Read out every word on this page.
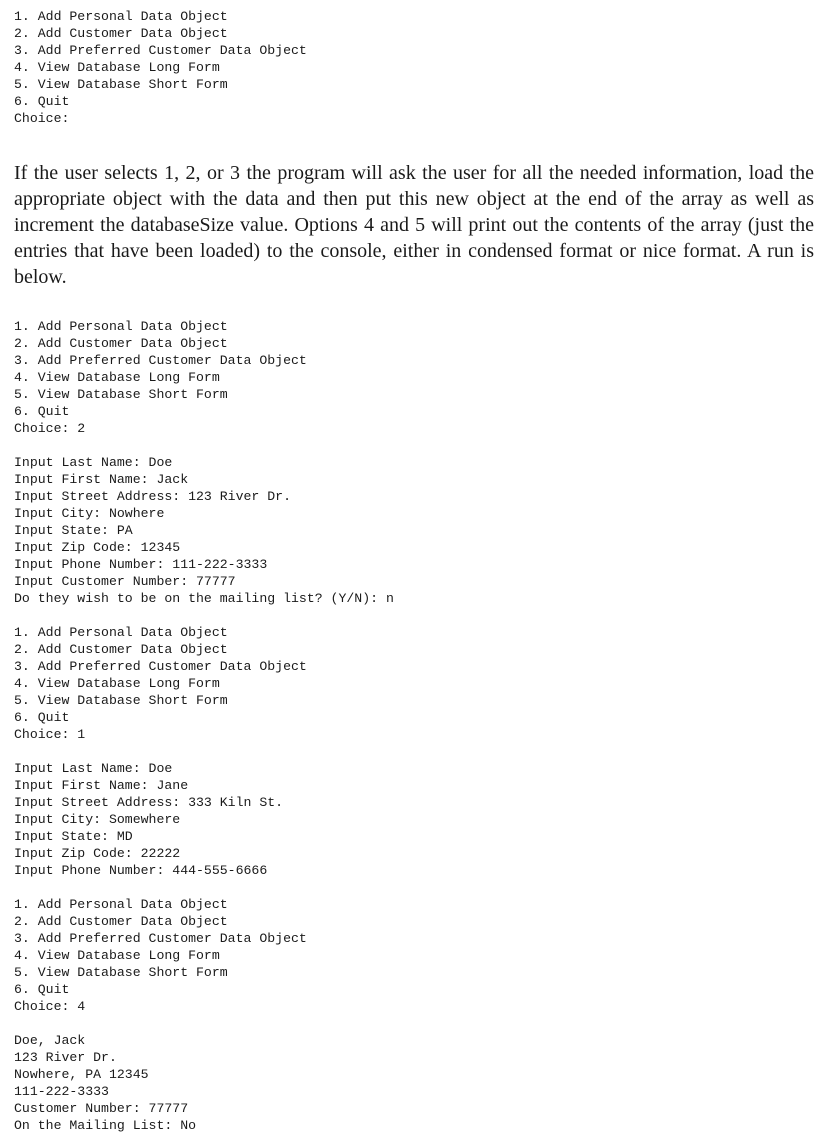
1. Add Personal Data Object
2. Add Customer Data Object
3. Add Preferred Customer Data Object
4. View Database Long Form
5. View Database Short Form
6. Quit
Choice:

If the user selects 1, 2, or 3 the program will ask the user for all the needed information, load the appropriate object with the data and then put this new object at the end of the array as well as increment the databaseSize value. Options 4 and 5 will print out the contents of the array (just the entries that have been loaded) to the console, either in condensed format or nice format. A run is below.

1. Add Personal Data Object
2. Add Customer Data Object
3. Add Preferred Customer Data Object
4. View Database Long Form
5. View Database Short Form
6. Quit
Choice: 2

Input Last Name: Doe
Input First Name: Jack
Input Street Address: 123 River Dr.
Input City: Nowhere
Input State: PA
Input Zip Code: 12345
Input Phone Number: 111-222-3333
Input Customer Number: 77777
Do they wish to be on the mailing list? (Y/N): n

1. Add Personal Data Object
2. Add Customer Data Object
3. Add Preferred Customer Data Object
4. View Database Long Form
5. View Database Short Form
6. Quit
Choice: 1

Input Last Name: Doe
Input First Name: Jane
Input Street Address: 333 Kiln St.
Input City: Somewhere
Input State: MD
Input Zip Code: 22222
Input Phone Number: 444-555-6666

1. Add Personal Data Object
2. Add Customer Data Object
3. Add Preferred Customer Data Object
4. View Database Long Form
5. View Database Short Form
6. Quit
Choice: 4

Doe, Jack
123 River Dr.
Nowhere, PA 12345
111-222-3333
Customer Number: 77777
On the Mailing List: No
